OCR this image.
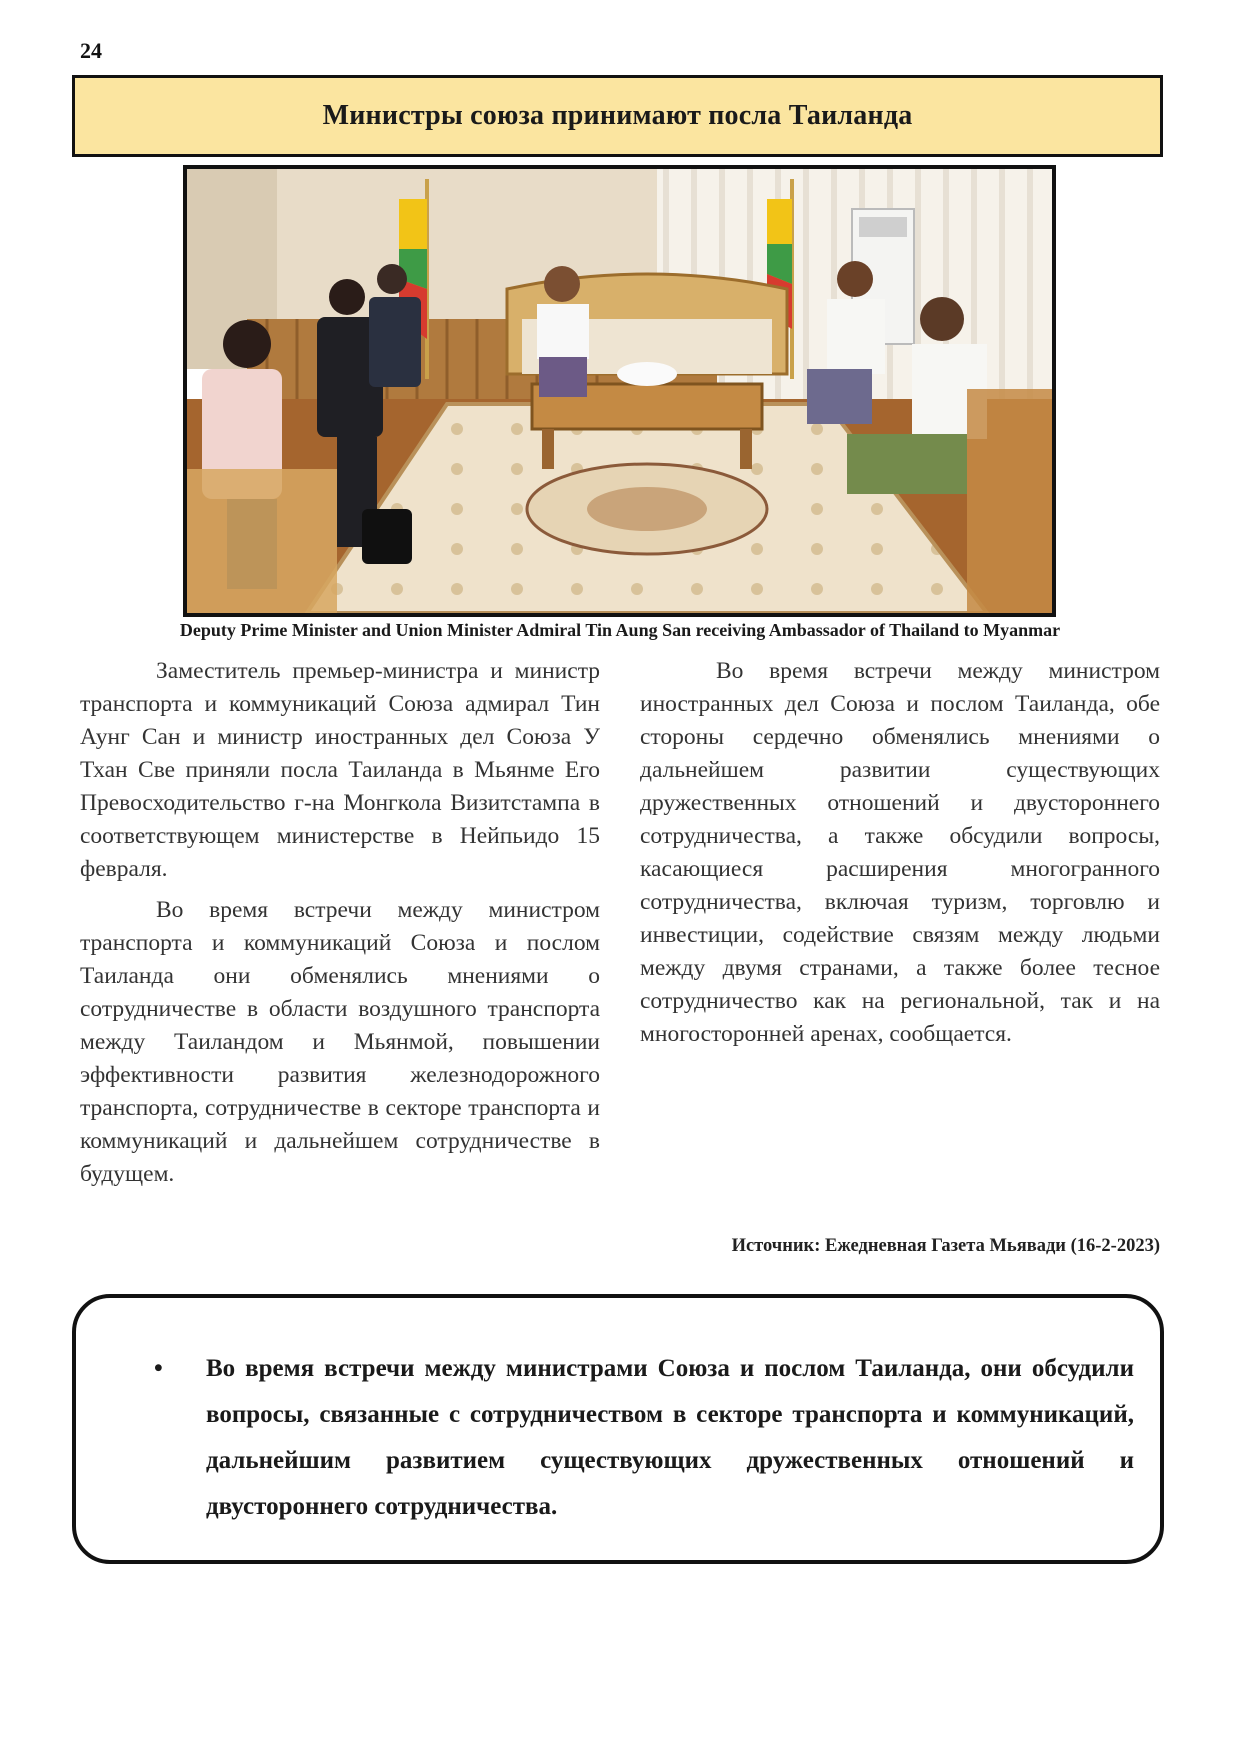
24
Министры союза принимают посла Таиланда
Deputy Prime Minister and Union Minister Admiral Tin Aung San receiving Ambassador of Thailand to Myanmar

Заместитель премьер-министра и министр транспорта и коммуникаций Союза адмирал Тин Аунг Сан и министр иностранных дел Союза У Тхан Све приняли посла Таиланда в Мьянме Его Превосходительство г-на Монгкола Визитстампа в соответствующем министерстве в Нейпьидо 15 февраля.

Во время встречи между министром транспорта и коммуникаций Союза и послом Таиланда они обменялись мнениями о сотрудничестве в области воздушного транспорта между Таиландом и Мьянмой, повышении эффективности развития железнодорожного транспорта, сотрудничестве в секторе транспорта и коммуникаций и дальнейшем сотрудничестве в будущем.

Во время встречи между министром иностранных дел Союза и послом Таиланда, обе стороны сердечно обменялись мнениями о дальнейшем развитии существующих дружественных отношений и двустороннего сотрудничества, а также обсудили вопросы, касающиеся расширения многогранного сотрудничества, включая туризм, торговлю и инвестиции, содействие связям между людьми между двумя странами, а также более тесное сотрудничество как на региональной, так и на многосторонней аренах, сообщается.

Источник: Ежедневная Газета Мьявади (16-2-2023)
• Во время встречи между министрами Союза и послом Таиланда, они обсудили вопросы, связанные с сотрудничеством в секторе транспорта и коммуникаций, дальнейшим развитием существующих дружественных отношений и двустороннего сотрудничества.
